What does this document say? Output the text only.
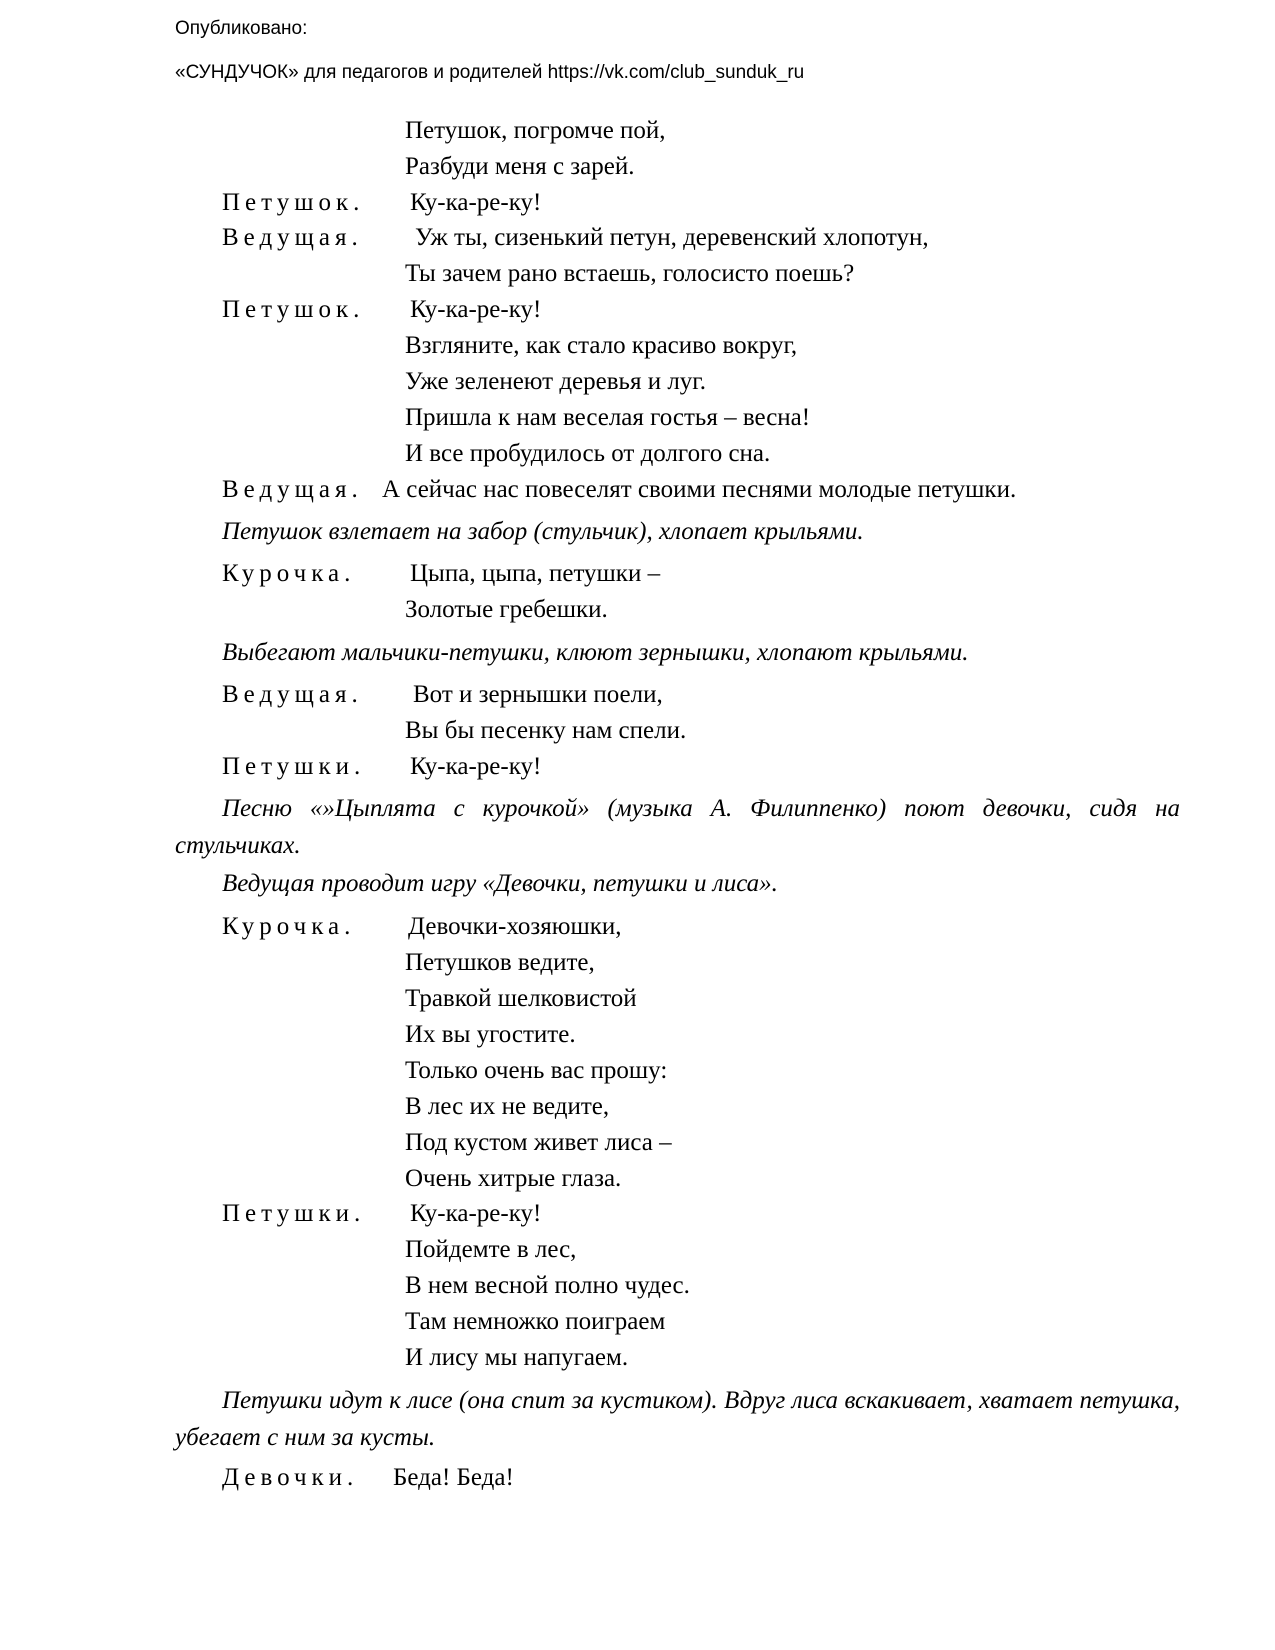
Опубликовано:
«СУНДУЧОК» для педагогов и родителей https://vk.com/club_sunduk_ru
Петушок, погромче пой,
Разбуди меня с зарей.
Петушок. Ку-ка-ре-ку!
Ведущая. Уж ты, сизенький петун, деревенский хлопотун,
Ты зачем рано встаешь, голосисто поешь?
Петушок. Ку-ка-ре-ку!
Взгляните, как стало красиво вокруг,
Уже зеленеют деревья и луг.
Пришла к нам веселая гостья – весна!
И все пробудилось от долгого сна.
Ведущая. А сейчас нас повеселят своими песнями молодые петушки.
Петушок взлетает на забор (стульчик), хлопает крыльями.
Курочка. Цыпа, цыпа, петушки –
Золотые гребешки.
Выбегают мальчики-петушки, клюют зернышки, хлопают крыльями.
Ведущая. Вот и зернышки поели,
Вы бы песенку нам спели.
Петушки. Ку-ка-ре-ку!
Песню «»Цыплята с курочкой» (музыка А. Филиппенко) поют девочки, сидя на стульчиках.
Ведущая проводит игру «Девочки, петушки и лиса».
Курочка. Девочки-хозяюшки,
Петушков ведите,
Травкой шелковистой
Их вы угостите.
Только очень вас прошу:
В лес их не ведите,
Под кустом живет лиса –
Очень хитрые глаза.
Петушки. Ку-ка-ре-ку!
Пойдемте в лес,
В нем весной полно чудес.
Там немножко поиграем
И лису мы напугаем.
Петушки идут к лисе (она спит за кустиком). Вдруг лиса вскакивает, хватает петушка, убегает с ним за кусты.
Девочки. Беда! Беда!
